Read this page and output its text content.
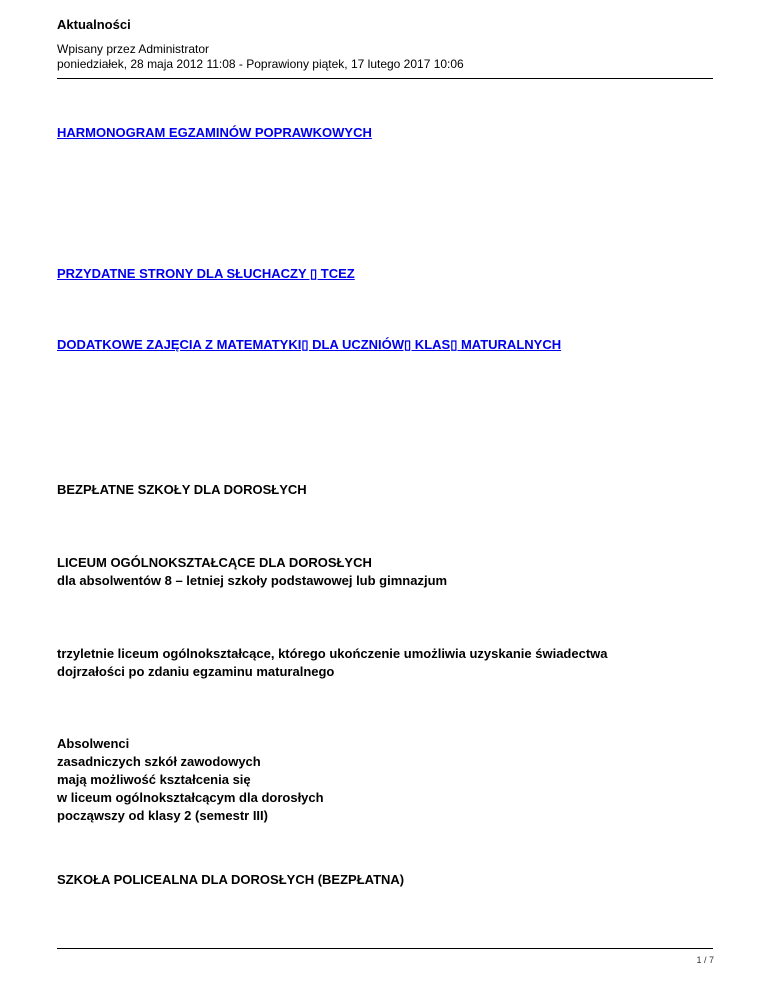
Aktualności
Wpisany przez Administrator
poniedziałek, 28 maja 2012 11:08 - Poprawiony piątek, 17 lutego 2017 10:06
HARMONOGRAM EGZAMINÓW POPRAWKOWYCH
PRZYDATNE STRONY DLA SŁUCHACZY ▯ TCEZ
DODATKOWE ZAJĘCIA Z MATEMATYKI▯ DLA UCZNIÓW▯ KLAS▯ MATURALNYCH
BEZPŁATNE SZKOŁY DLA DOROSŁYCH
LICEUM OGÓLNOKSZTAŁCĄCE DLA DOROSŁYCH
dla absolwentów 8 – letniej szkoły podstawowej lub gimnazjum
trzyletnie liceum ogólnokształcące, którego ukończenie umożliwia uzyskanie świadectwa
dojrzałości po zdaniu egzaminu maturalnego
Absolwenci
zasadniczych szkół zawodowych
mają możliwość kształcenia się
w liceum ogólnokształcącym dla dorosłych
począwszy od klasy 2 (semestr III)
SZKOŁA POLICEALNA DLA DOROSŁYCH (BEZPŁATNA)
1 / 7
